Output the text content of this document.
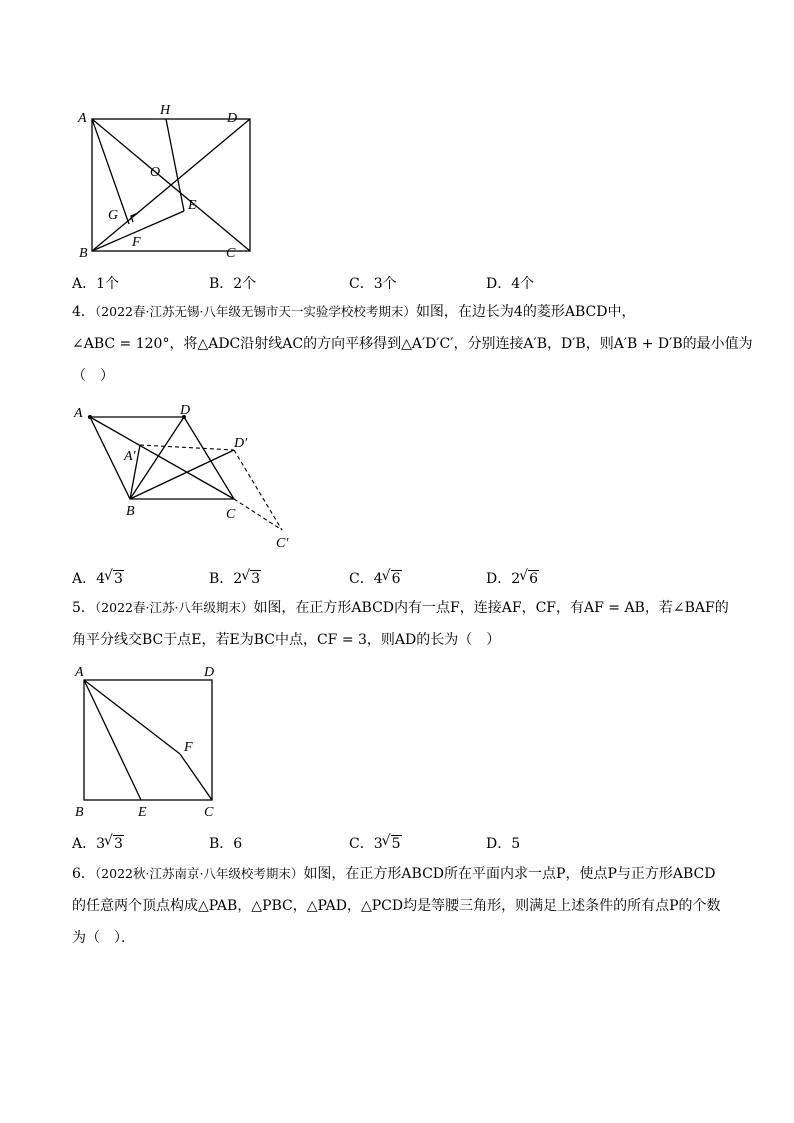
A
H
D
O
E
G
F
B	C
A．1个	B．2个	C．3个	D．4个
4．（2022春·江苏无锡·八年级无锡市天一实验学校校考期末）如图，在边长为4的菱形ABCD中，
∠ABC = 120°，将△ADC沿射线AC的方向平移得到△A′D′C′，分别连接A′B，D′B，则A′B + D′B的最小值为
（　）
A	D
A′
D′
B	C
C′
A．4 √ 3	B．2 √ 3	C．4 √ 6	D．2 √ 6
5．（2022春·江苏·八年级期末）如图，在正方形ABCD内有一点F，连接AF，CF，有AF = AB，若∠BAF的
角平分线交BC于点E，若E为BC中点，CF = 3，则AD的长为（　）
A	D
F
B	E	C
A．3 √ 3	B．6	C．3 √ 5	D．5
6．（2022秋·江苏南京·八年级校考期末）如图，在正方形ABCD所在平面内求一点P，使点P与正方形ABCD
的任意两个顶点构成△PAB，△PBC，△PAD，△PCD均是等腰三角形，则满足上述条件的所有点P的个数
为（　）．
